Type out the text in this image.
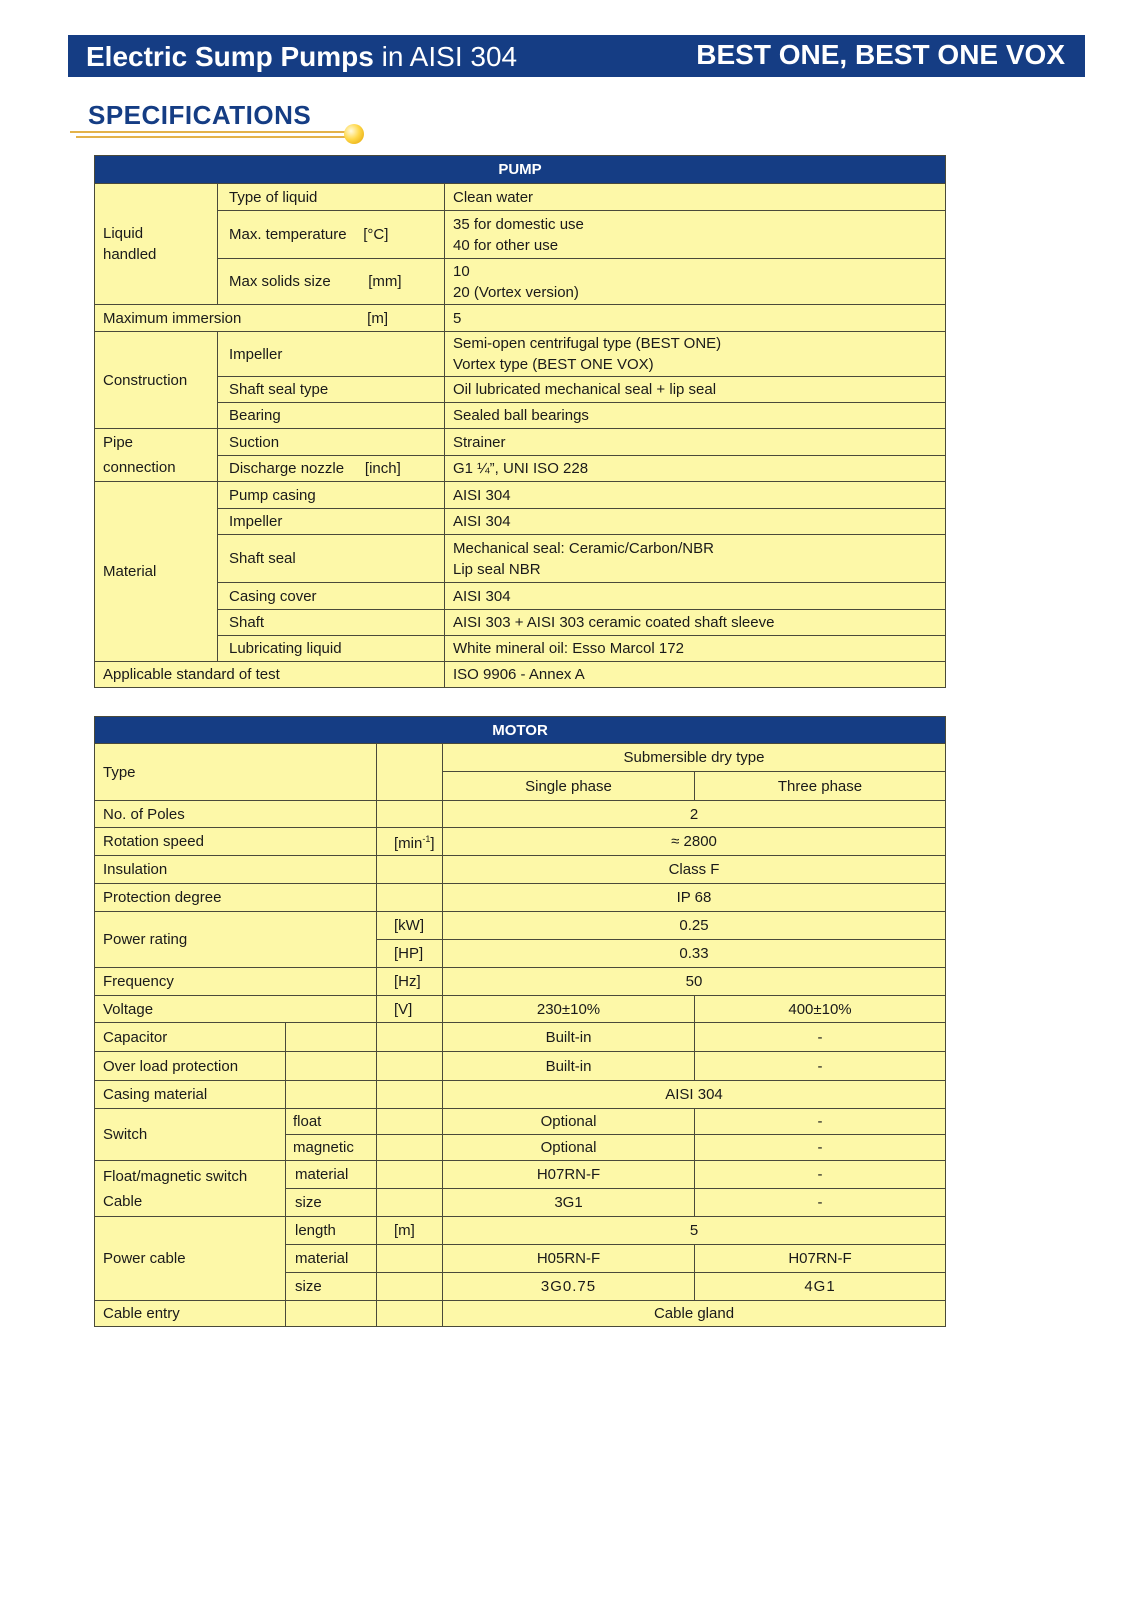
Electric Sump Pumps in AISI 304	BEST ONE, BEST ONE VOX
SPECIFICATIONS
PUMP		

Liquid
handled	Type of liquid	Clean water
	Max. temperature [°C]	35 for domestic use
40 for other use

	Max solids size [mm]	10
20 (Vortex version)

Maximum immersion [m]		5
Construction	Impeller	Semi-open centrifugal type (BEST ONE)
Vortex type (BEST ONE VOX)

	Shaft seal type	Oil lubricated mechanical seal + lip seal
	Bearing	Sealed ball bearings

Pipe
connection	Suction	Strainer
	Discharge nozzle [inch]	G1 ¼”, UNI ISO 228
Material	Pump casing	AISI 304
	Impeller	AISI 304
	Shaft seal	Mechanical seal: Ceramic/Carbon/NBR
Lip seal NBR

	Casing cover	AISI 304
	Shaft	AISI 303 + AISI 303 ceramic coated shaft sleeve
	Lubricating liquid	White mineral oil: Esso Marcol 172
Applicable standard of test		ISO 9906 - Annex A
MOTOR				
Type			Submersible dry type	
			Single phase	Three phase
No. of Poles			2	
Rotation speed		$[\min^{-1}]$	≈ 2800	
Insulation			Class F	
Protection degree			IP 68	
Power rating		[kW]	0.25	
		[HP]	0.33	
Frequency		[Hz]	50	
Voltage		[V]	230±10%	400±10%
Capacitor			Built-in	-
Over load protection			Built-in	-
Casing material			AISI 304	
Switch	float		Optional	-
	magnetic		Optional	-

Float/magnetic switch
Cable	material		H07RN-F	-
	size		3G1	-
Power cable	length	[m]	5	
	material		H05RN-F	H07RN-F
	size		3G0.75	4G1
Cable entry			Cable gland	
